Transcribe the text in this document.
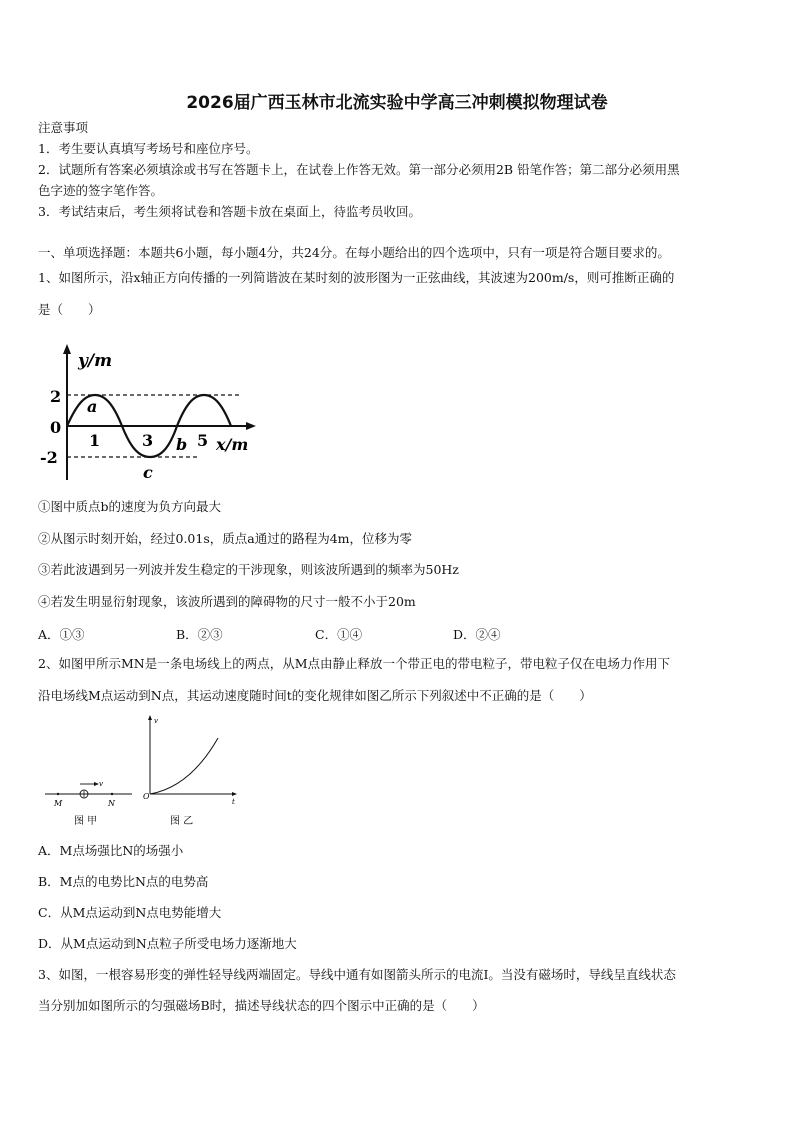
2026届广西玉林市北流实验中学高三冲刺模拟物理试卷
注意事项
1．考生要认真填写考场号和座位序号。
2．试题所有答案必须填涂或书写在答题卡上，在试卷上作答无效。第一部分必须用2B 铅笔作答；第二部分必须用黑
色字迹的签字笔作答。
3．考试结束后，考生须将试卷和答题卡放在桌面上，待监考员收回。
一、单项选择题：本题共6小题，每小题4分，共24分。在每小题给出的四个选项中，只有一项是符合题目要求的。
1、如图所示，沿x轴正方向传播的一列简谐波在某时刻的波形图为一正弦曲线，其波速为200m/s，则可推断正确的
是（　　）
y/m
2
0
-2
1	3	5 x/m
a
b
c
①图中质点b的速度为负方向最大
②从图示时刻开始，经过0.01s，质点a通过的路程为4m，位移为零
③若此波遇到另一列波并发生稳定的干涉现象，则该波所遇到的频率为50Hz
④若发生明显衍射现象，该波所遇到的障碍物的尺寸一般不小于20m
A．①③	B．②③	C．①④	D．②④
2、如图甲所示MN是一条电场线上的两点，从M点由静止释放一个带正电的带电粒子，带电粒子仅在电场力作用下
沿电场线M点运动到N点，其运动速度随时间t的变化规律如图乙所示下列叙述中不正确的是（　　）
v
M	N
图 甲
v
t
O
图 乙
A．M点场强比N的场强小
B．M点的电势比N点的电势高
C．从M点运动到N点电势能增大
D．从M点运动到N点粒子所受电场力逐渐地大
3、如图，一根容易形变的弹性轻导线两端固定。导线中通有如图箭头所示的电流I。当没有磁场时，导线呈直线状态
当分别加如图所示的匀强磁场B时，描述导线状态的四个图示中正确的是（　　）
